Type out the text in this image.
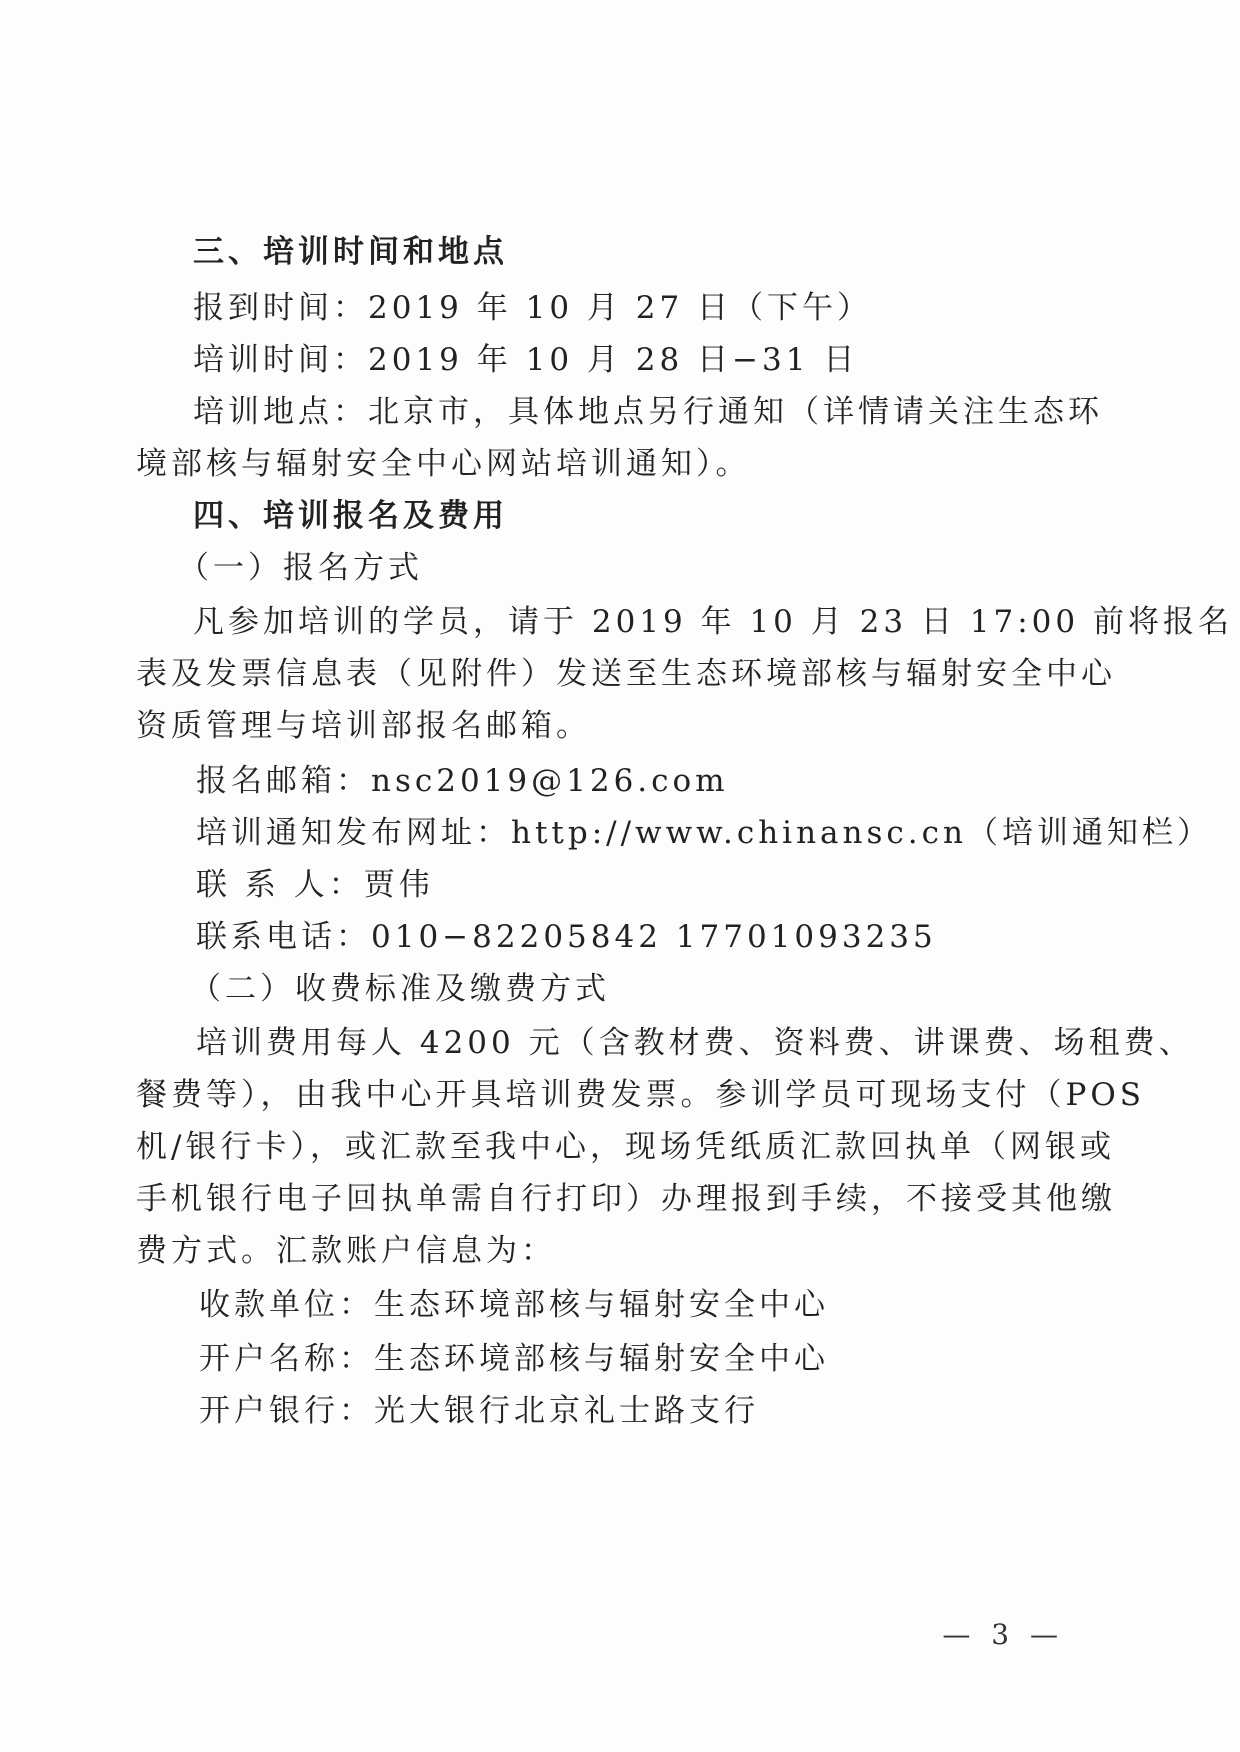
三、培训时间和地点
报到时间：2019 年 10 月 27 日（下午）
培训时间：2019 年 10 月 28 日−31 日
培训地点：北京市，具体地点另行通知（详情请关注生态环
境部核与辐射安全中心网站培训通知）。
四、培训报名及费用
（一）报名方式
凡参加培训的学员，请于 2019 年 10 月 23 日 17:00 前将报名
表及发票信息表（见附件）发送至生态环境部核与辐射安全中心
资质管理与培训部报名邮箱。
报名邮箱：nsc2019@126.com
培训通知发布网址：http://www.chinansc.cn（培训通知栏）
联 系 人：贾伟
联系电话：010−82205842 17701093235
（二）收费标准及缴费方式
培训费用每人 4200 元（含教材费、资料费、讲课费、场租费、
餐费等），由我中心开具培训费发票。参训学员可现场支付（POS
机/银行卡），或汇款至我中心，现场凭纸质汇款回执单（网银或
手机银行电子回执单需自行打印）办理报到手续，不接受其他缴
费方式。汇款账户信息为：
收款单位：生态环境部核与辐射安全中心
开户名称：生态环境部核与辐射安全中心
开户银行：光大银行北京礼士路支行
— 3 —
